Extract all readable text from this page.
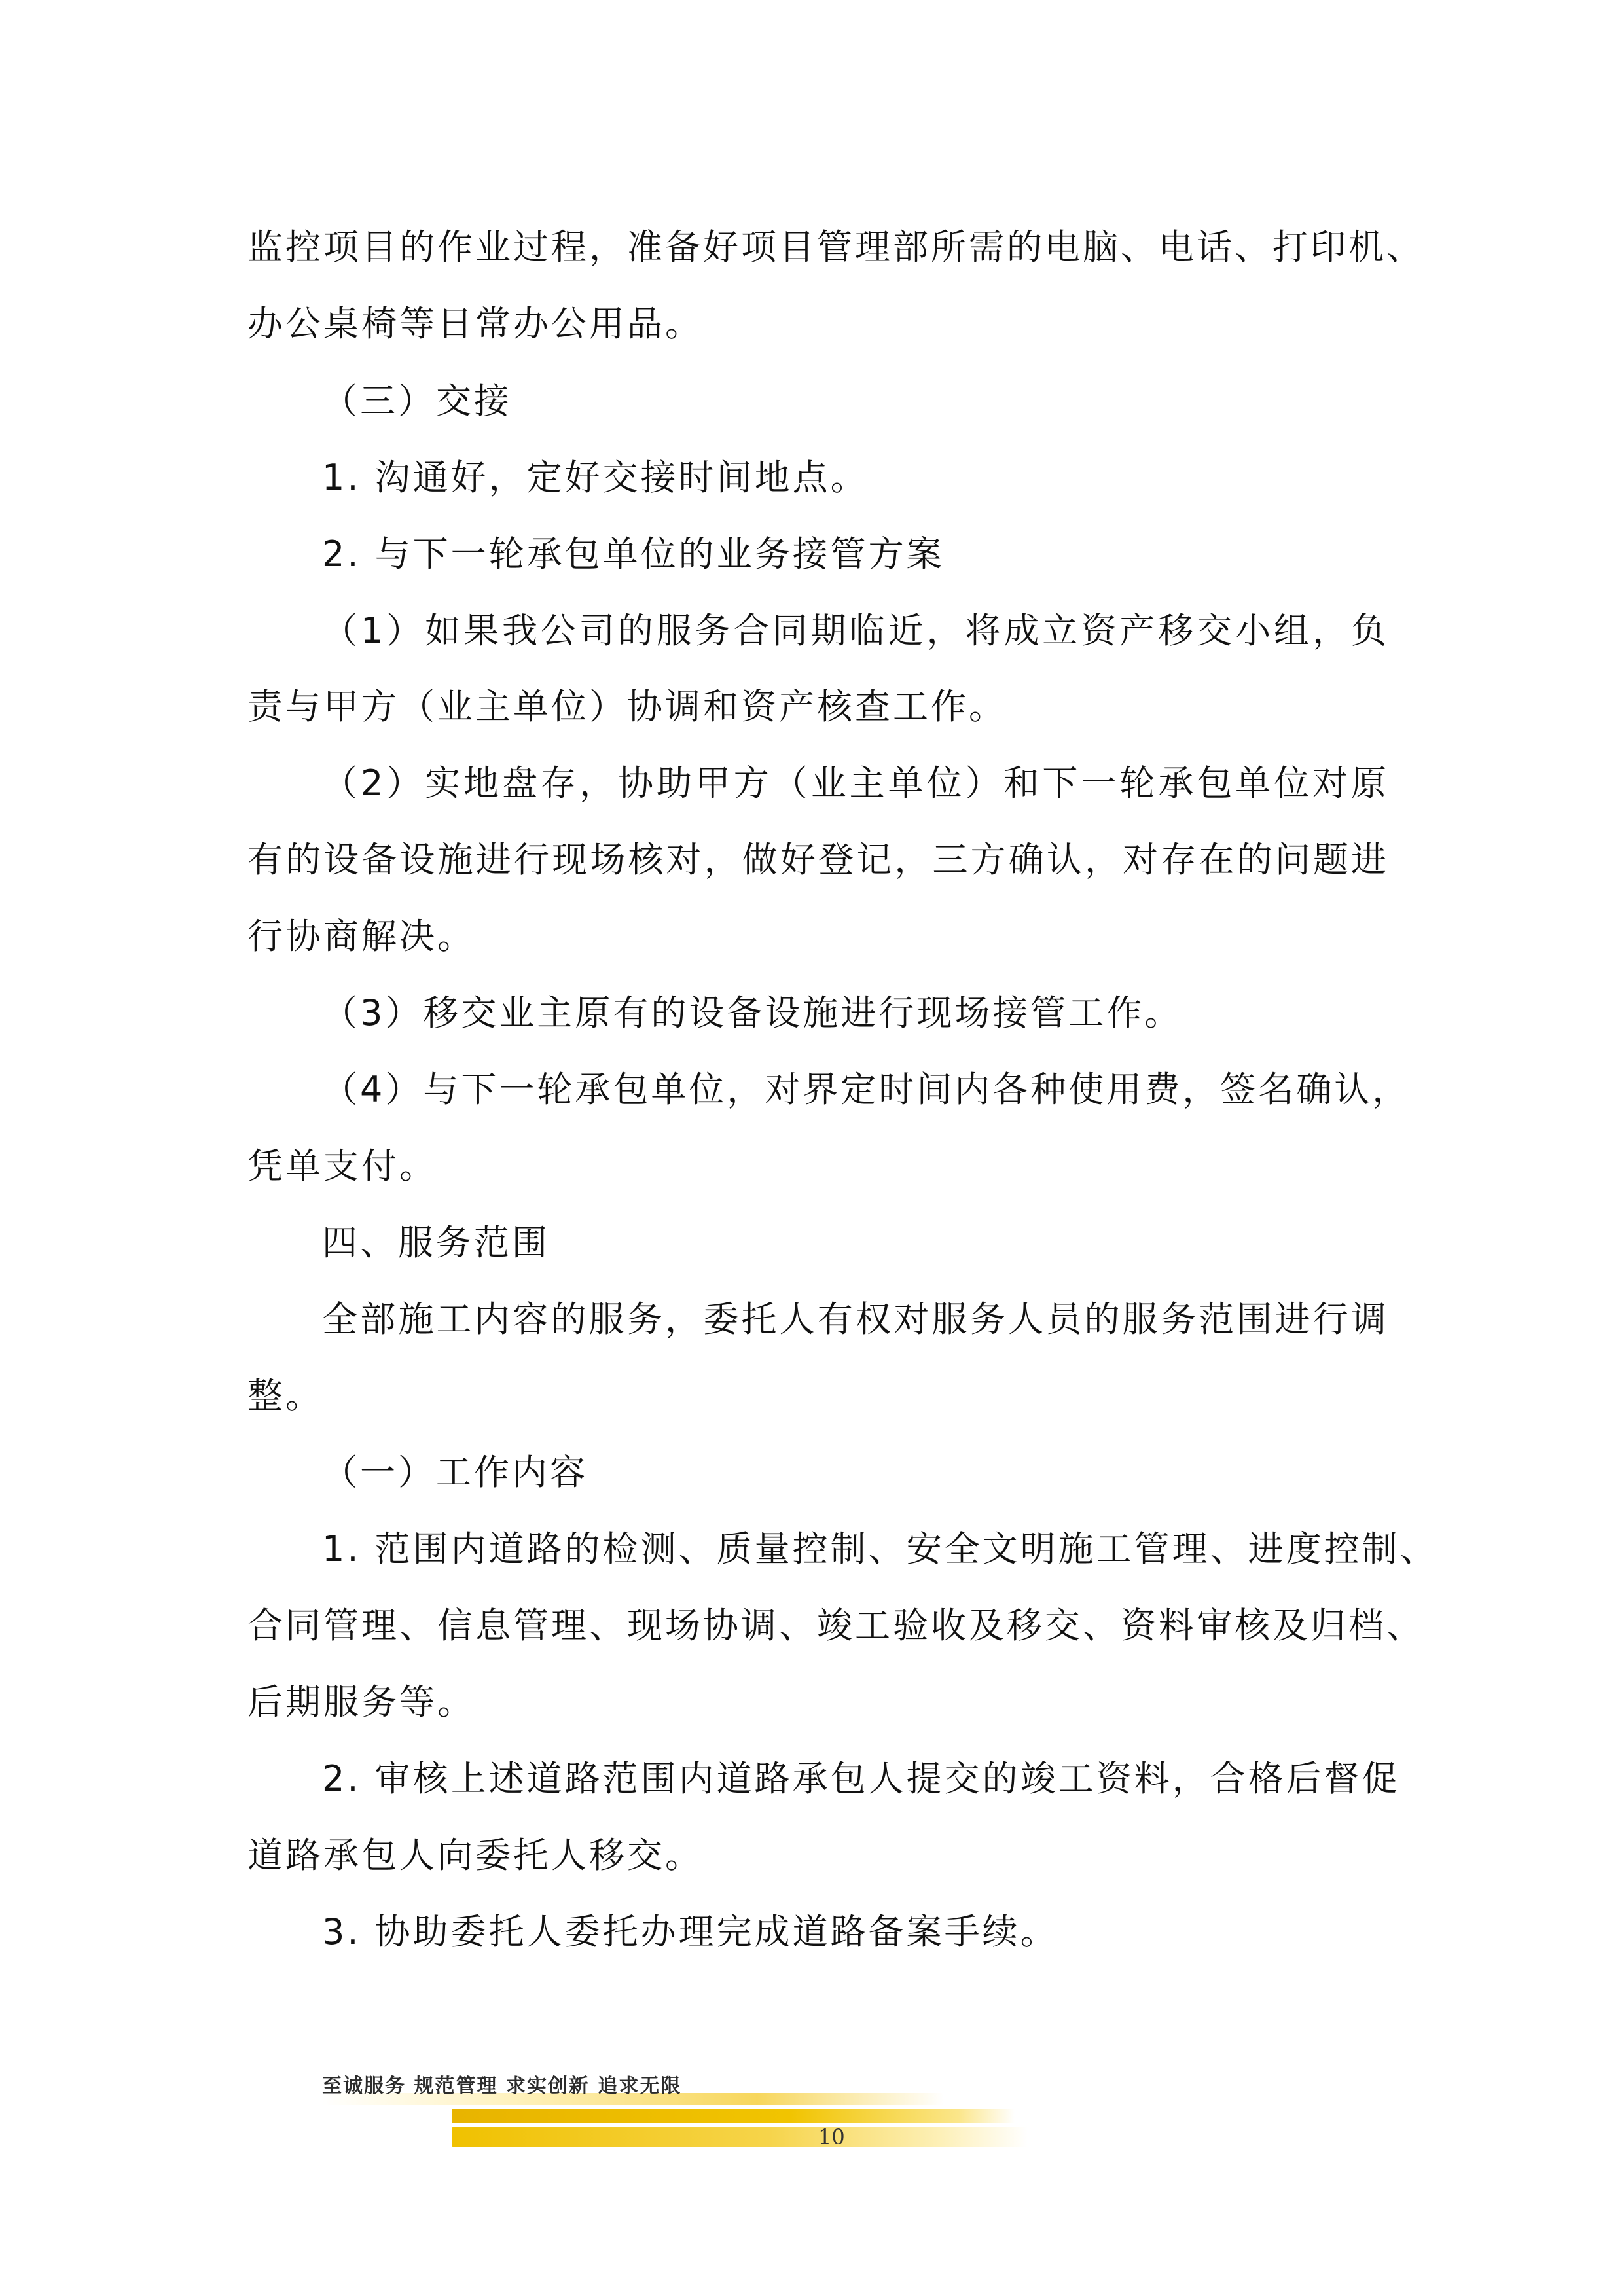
监控项目的作业过程，准备好项目管理部所需的电脑、电话、打印机、
办公桌椅等日常办公用品。
（三）交接
1. 沟通好，定好交接时间地点。
2. 与下一轮承包单位的业务接管方案
（1）如果我公司的服务合同期临近，将成立资产移交小组，负
责与甲方（业主单位）协调和资产核查工作。
（2）实地盘存，协助甲方（业主单位）和下一轮承包单位对原
有的设备设施进行现场核对，做好登记，三方确认，对存在的问题进
行协商解决。
（3）移交业主原有的设备设施进行现场接管工作。
（4）与下一轮承包单位，对界定时间内各种使用费，签名确认，
凭单支付。
四、服务范围
全部施工内容的服务，委托人有权对服务人员的服务范围进行调
整。
（一）工作内容
1. 范围内道路的检测、质量控制、安全文明施工管理、进度控制、
合同管理、信息管理、现场协调、竣工验收及移交、资料审核及归档、
后期服务等。
2. 审核上述道路范围内道路承包人提交的竣工资料，合格后督促
道路承包人向委托人移交。
3. 协助委托人委托办理完成道路备案手续。
至诚服务 规范管理 求实创新 追求无限
10
